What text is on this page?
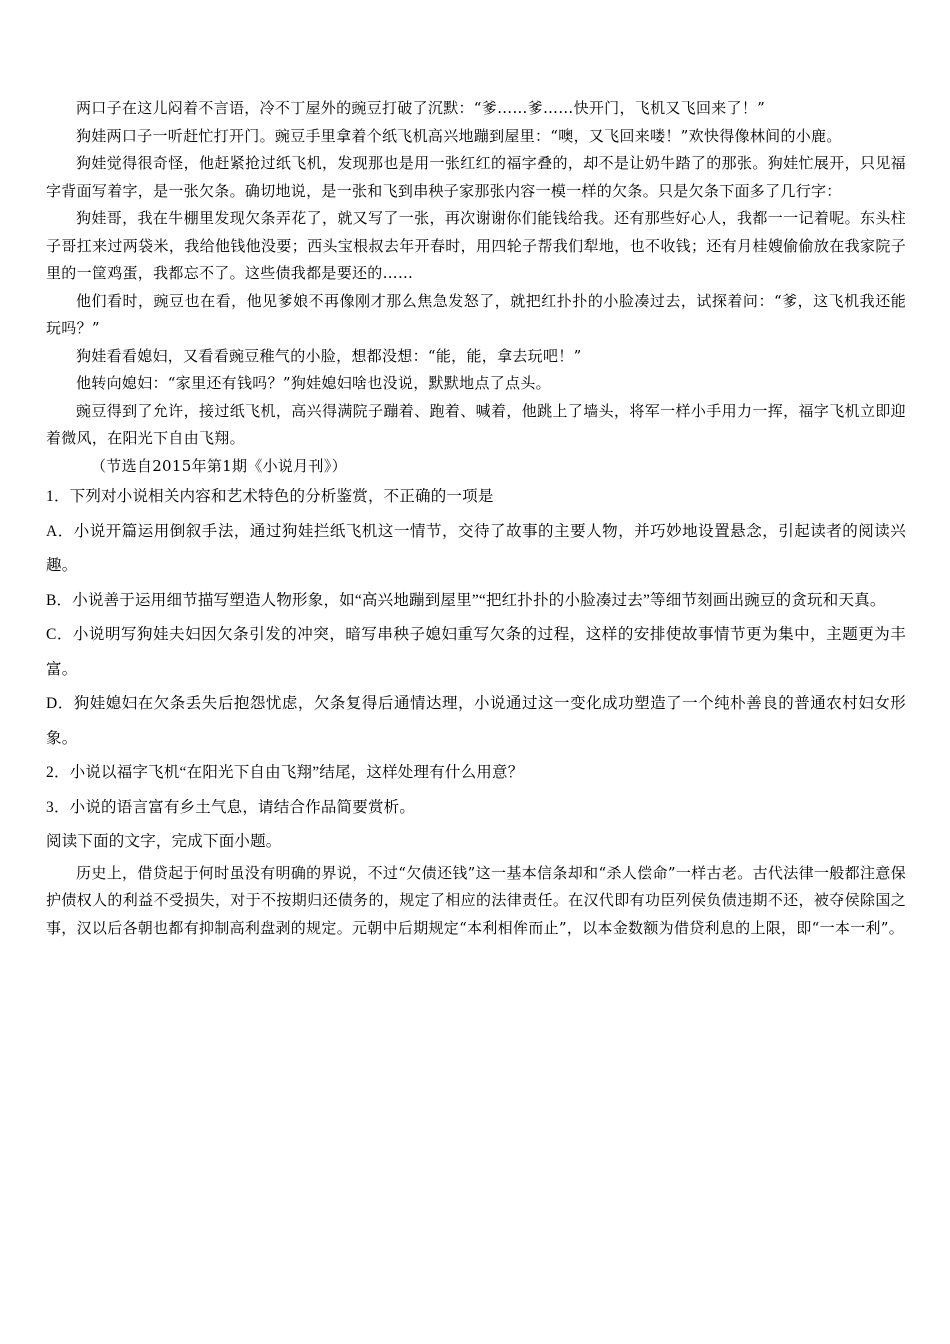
两口子在这儿闷着不言语，冷不丁屋外的豌豆打破了沉默：“爹……爹……快开门，飞机又飞回来了！”

狗娃两口子一听赶忙打开门。豌豆手里拿着个纸飞机高兴地蹦到屋里：“噢，又飞回来喽！”欢快得像林间的小鹿。

狗娃觉得很奇怪，他赶紧抢过纸飞机，发现那也是用一张红红的福字叠的，却不是让奶牛踏了的那张。狗娃忙展开，只见福字背面写着字，是一张欠条。确切地说，是一张和飞到串秧子家那张内容一模一样的欠条。只是欠条下面多了几行字：

狗娃哥，我在牛棚里发现欠条弄花了，就又写了一张，再次谢谢你们能钱给我。还有那些好心人，我都一一记着呢。东头柱子哥扛来过两袋米，我给他钱他没要；西头宝根叔去年开春时，用四轮子帮我们犁地，也不收钱；还有月桂嫂偷偷放在我家院子里的一筐鸡蛋，我都忘不了。这些债我都是要还的……

他们看时，豌豆也在看，他见爹娘不再像刚才那么焦急发怒了，就把红扑扑的小脸凑过去，试探着问：“爹，这飞机我还能玩吗？”

狗娃看看媳妇，又看看豌豆稚气的小脸，想都没想：“能，能，拿去玩吧！”

他转向媳妇：“家里还有钱吗？”狗娃媳妇啥也没说，默默地点了点头。

豌豆得到了允许，接过纸飞机，高兴得满院子蹦着、跑着、喊着，他跳上了墙头，将军一样小手用力一挥，福字飞机立即迎着微风，在阳光下自由飞翔。

（节选自2015年第1期《小说月刊》）

1．下列对小说相关内容和艺术特色的分析鉴赏，不正确的一项是

A．小说开篇运用倒叙手法，通过狗娃拦纸飞机这一情节，交待了故事的主要人物，并巧妙地设置悬念，引起读者的阅读兴趣。

B．小说善于运用细节描写塑造人物形象，如“高兴地蹦到屋里”“把红扑扑的小脸凑过去”等细节刻画出豌豆的贪玩和天真。

C．小说明写狗娃夫妇因欠条引发的冲突，暗写串秧子媳妇重写欠条的过程，这样的安排使故事情节更为集中，主题更为丰富。

D．狗娃媳妇在欠条丢失后抱怨忧虑，欠条复得后通情达理，小说通过这一变化成功塑造了一个纯朴善良的普通农村妇女形象。

2．小说以福字飞机“在阳光下自由飞翔”结尾，这样处理有什么用意？

3．小说的语言富有乡土气息，请结合作品简要赏析。

阅读下面的文字，完成下面小题。

历史上，借贷起于何时虽没有明确的界说，不过“欠债还钱”这一基本信条却和“杀人偿命”一样古老。古代法律一般都注意保护债权人的利益不受损失，对于不按期归还债务的，规定了相应的法律责任。在汉代即有功臣列侯负债违期不还，被夺侯除国之事，汉以后各朝也都有抑制高利盘剥的规定。元朝中后期规定“本利相侔而止”，以本金数额为借贷利息的上限，即“一本一利”。
